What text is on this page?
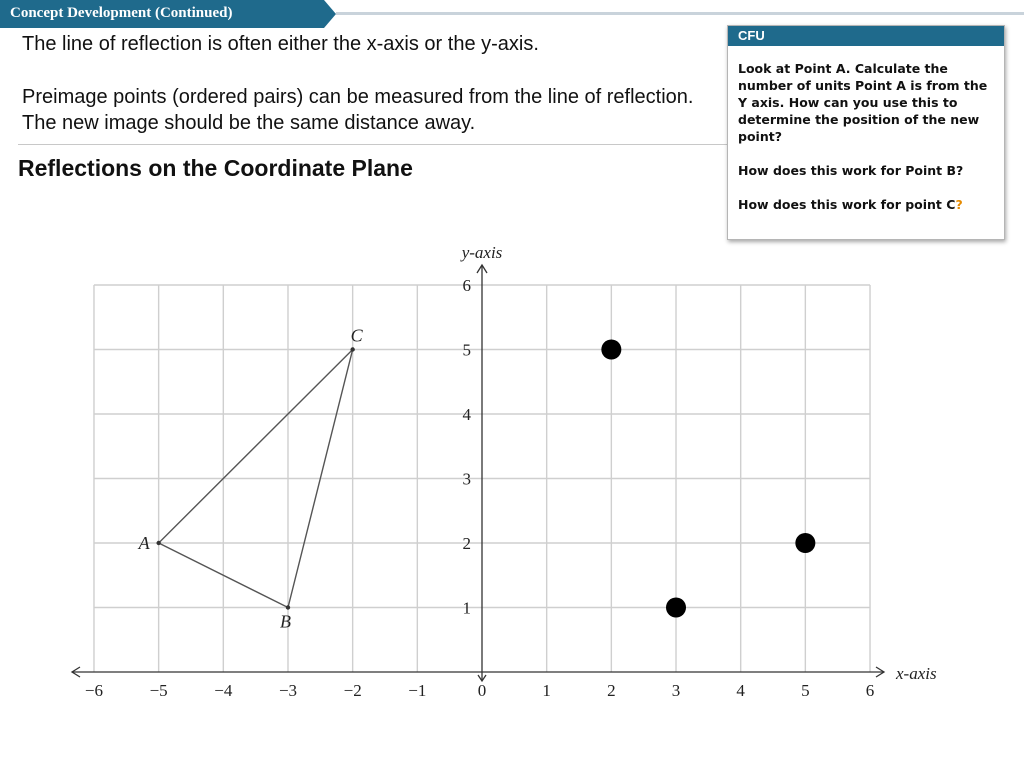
Concept Development (Continued)
The line of reflection is often either the x-axis or the y-axis.
Preimage points (ordered pairs) can be measured from the line of reflection. The new image should be the same distance away.
Reflections on the Coordinate Plane
CFU

Look at Point A. Calculate the number of units Point A is from the Y axis. How can you use this to determine the position of the new point?

How does this work for Point B?

How does this work for point C?

−6	−5	−4	−3	−2	−1	0	1	2	3	4	5	6
1
2
3
4
5
6
x-axis
y-axis
A
B
C
